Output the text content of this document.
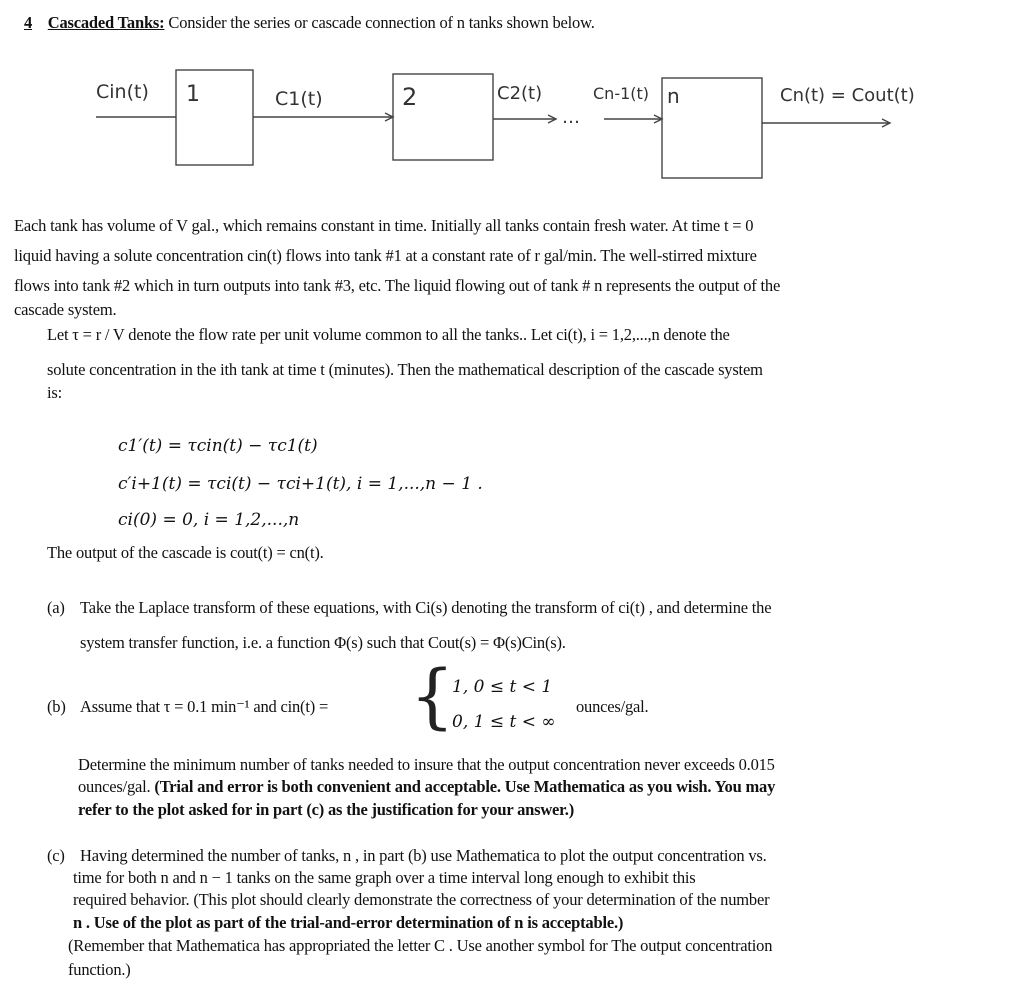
4 Cascaded Tanks: Consider the series or cascade connection of n tanks shown below.
Cin(t) 1	C1(t)	2	C2(t)
…
Cn-1(t) n	Cn(t) = Cout(t)
Each tank has volume of V gal., which remains constant in time. Initially all tanks contain fresh water. At time t = 0
liquid having a solute concentration cin(t) flows into tank #1 at a constant rate of r gal/min. The well-stirred mixture
flows into tank #2 which in turn outputs into tank #3, etc. The liquid flowing out of tank # n represents the output of the
cascade system.
Let τ = r / V denote the flow rate per unit volume common to all the tanks.. Let ci(t), i = 1,2,...,n denote the
solute concentration in the ith tank at time t (minutes). Then the mathematical description of the cascade system
is:
c1′(t) = τcin(t) − τc1(t)
c′i+1(t) = τci(t) − τci+1(t), i = 1,...,n − 1 .
ci(0) = 0, i = 1,2,...,n
The output of the cascade is cout(t) = cn(t).
(a) Take the Laplace transform of these equations, with Ci(s) denoting the transform of ci(t) , and determine the
system transfer function, i.e. a function Φ(s) such that Cout(s) = Φ(s)Cin(s).
(b) Assume that τ = 0.1 min⁻¹ and cin(t) = {
1, 0 ≤ t < 1
0, 1 ≤ t < ∞
ounces/gal.
Determine the minimum number of tanks needed to insure that the output concentration never exceeds 0.015
ounces/gal. (Trial and error is both convenient and acceptable. Use Mathematica as you wish. You may
refer to the plot asked for in part (c) as the justification for your answer.)
(c) Having determined the number of tanks, n , in part (b) use Mathematica to plot the output concentration vs.
time for both n and n − 1 tanks on the same graph over a time interval long enough to exhibit this
required behavior. (This plot should clearly demonstrate the correctness of your determination of the number
n . Use of the plot as part of the trial-and-error determination of n is acceptable.)
(Remember that Mathematica has appropriated the letter C . Use another symbol for The output concentration
function.)
